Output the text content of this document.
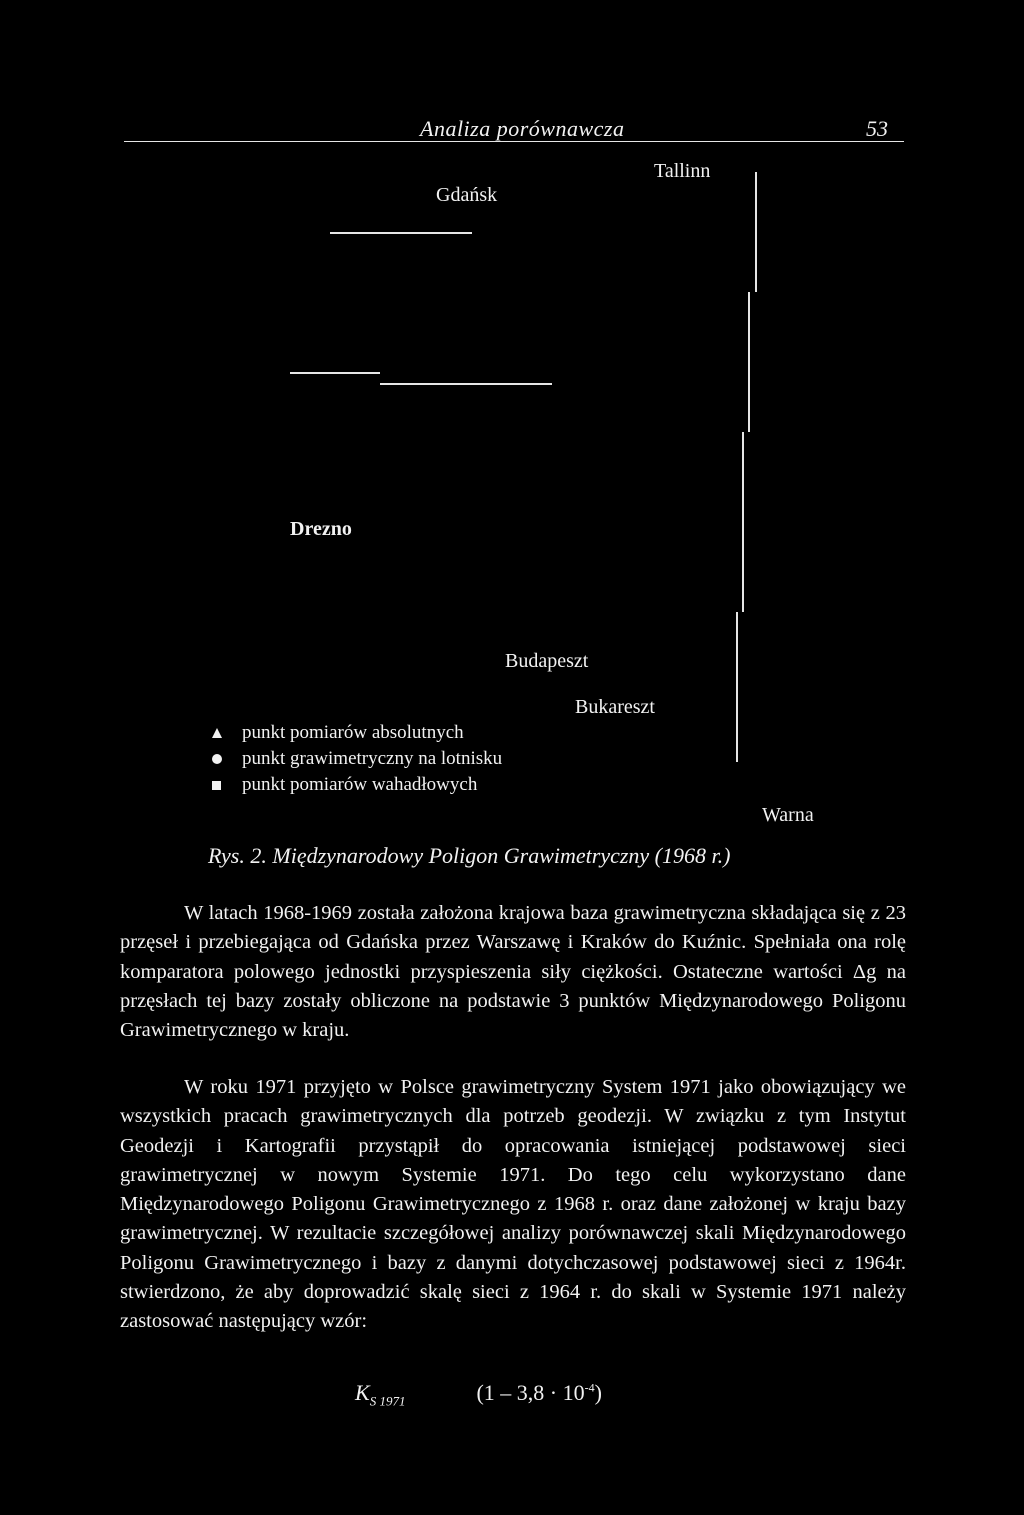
Analiza porównawcza	53
Tallinn
Gdańsk
Drezno
Budapeszt
Bukareszt
Warna
punkt pomiarów absolutnych
punkt grawimetryczny na lotnisku
punkt pomiarów wahadłowych
Rys. 2. Międzynarodowy Poligon Grawimetryczny (1968 r.)
W latach 1968-1969 została założona krajowa baza grawimetryczna składająca się z 23 przęseł i przebiegająca od Gdańska przez Warszawę i Kraków do Kuźnic. Spełniała ona rolę komparatora polowego jednostki przyspieszenia siły ciężkości. Ostateczne wartości Δg na przęsłach tej bazy zostały obliczone na podstawie 3 punktów Międzynarodowego Poligonu Grawimetrycznego w kraju.
W roku 1971 przyjęto w Polsce grawimetryczny System 1971 jako obowiązujący we wszystkich pracach grawimetrycznych dla potrzeb geodezji. W związku z tym Instytut Geodezji i Kartografii przystąpił do opracowania istniejącej podstawowej sieci grawimetrycznej w nowym Systemie 1971. Do tego celu wykorzystano dane Międzynarodowego Poligonu Grawimetrycznego z 1968 r. oraz dane założonej w kraju bazy grawimetrycznej. W rezultacie szczegółowej analizy porównawczej skali Międzynarodowego Poligonu Grawimetrycznego i bazy z danymi dotychczasowej podstawowej sieci z 1964r. stwierdzono, że aby doprowadzić skalę sieci z 1964 r. do skali w Systemie 1971 należy zastosować następujący wzór:
$K_{S 1971}$	$(1 - 3,8 \cdot 10^{-4})$
